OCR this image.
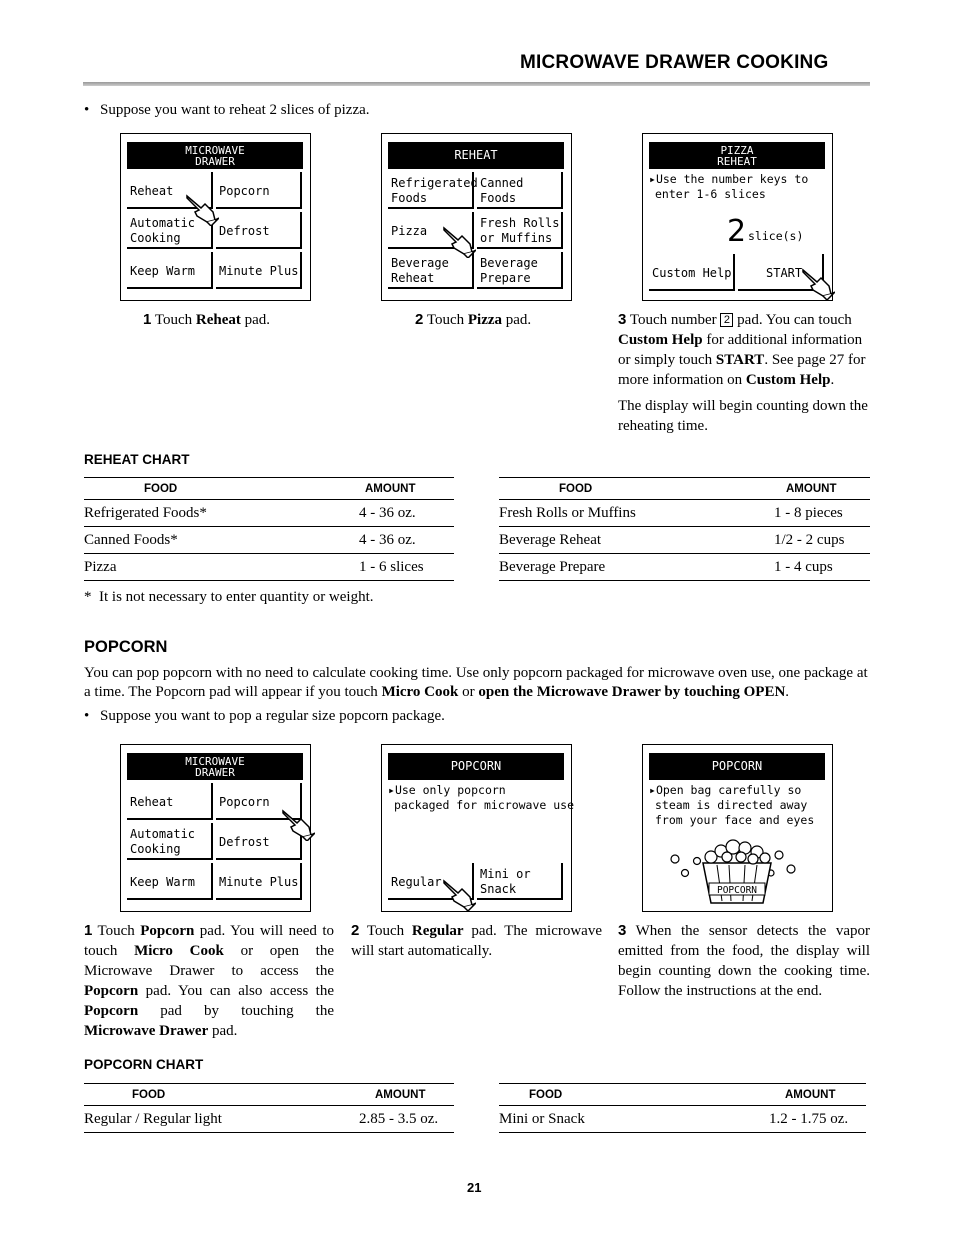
MICROWAVE DRAWER COOKING
• Suppose you want to reheat 2 slices of pizza.
MICROWAVE
DRAWER
Reheat	Popcorn
Automatic
Cooking
Defrost
Keep Warm	Minute Plus
REHEAT
Refrigerated
Foods
Canned Foods
Pizza
Fresh Rolls
or Muffins
Beverage
Reheat
Beverage
Prepare
PIZZA
REHEAT
▸Use the number keys to
enter 1-6 slices
2 slice(s)
Custom Help	START
1 Touch Reheat pad.	2 Touch Pizza pad.	3 Touch number 2 pad. You can touch Custom Help for additional information or simply touch START. See page 27 for more information on Custom Help.
The display will begin counting down the reheating time.
REHEAT CHART
FOOD	AMOUNT
Refrigerated Foods*	4 - 36 oz.
Canned Foods*	4 - 36 oz.
Pizza	1 - 6 slices
FOOD	AMOUNT
Fresh Rolls or Muffins	1 - 8 pieces
Beverage Reheat	1/2 - 2 cups
Beverage Prepare	1 - 4 cups
*  It is not necessary to enter quantity or weight.
POPCORN
You can pop popcorn with no need to calculate cooking time. Use only popcorn packaged for microwave oven use, one package at a time. The Popcorn pad will appear if you touch Micro Cook or open the Microwave Drawer by touching OPEN.
• Suppose you want to pop a regular size popcorn package.
MICROWAVE
DRAWER
Reheat	Popcorn
Automatic
Cooking
Defrost
Keep Warm	Minute Plus
POPCORN
▸Use only popcorn
packaged for microwave use
Regular
Mini or
Snack
POPCORN
▸Open bag carefully so
steam is directed away
from your face and eyes
POPCORN
1 Touch Popcorn pad. You will need to touch Micro Cook or open the Microwave Drawer to access the Popcorn pad. You can also access the Popcorn pad by touching the Microwave Drawer pad.
2 Touch Regular pad. The microwave will start automatically.
3 When the sensor detects the vapor emitted from the food, the display will begin counting down the cooking time. Follow the instructions at the end.
POPCORN CHART
FOOD	AMOUNT
Regular / Regular light	2.85 - 3.5 oz.
FOOD	AMOUNT
Mini or Snack	1.2 - 1.75 oz.
21
